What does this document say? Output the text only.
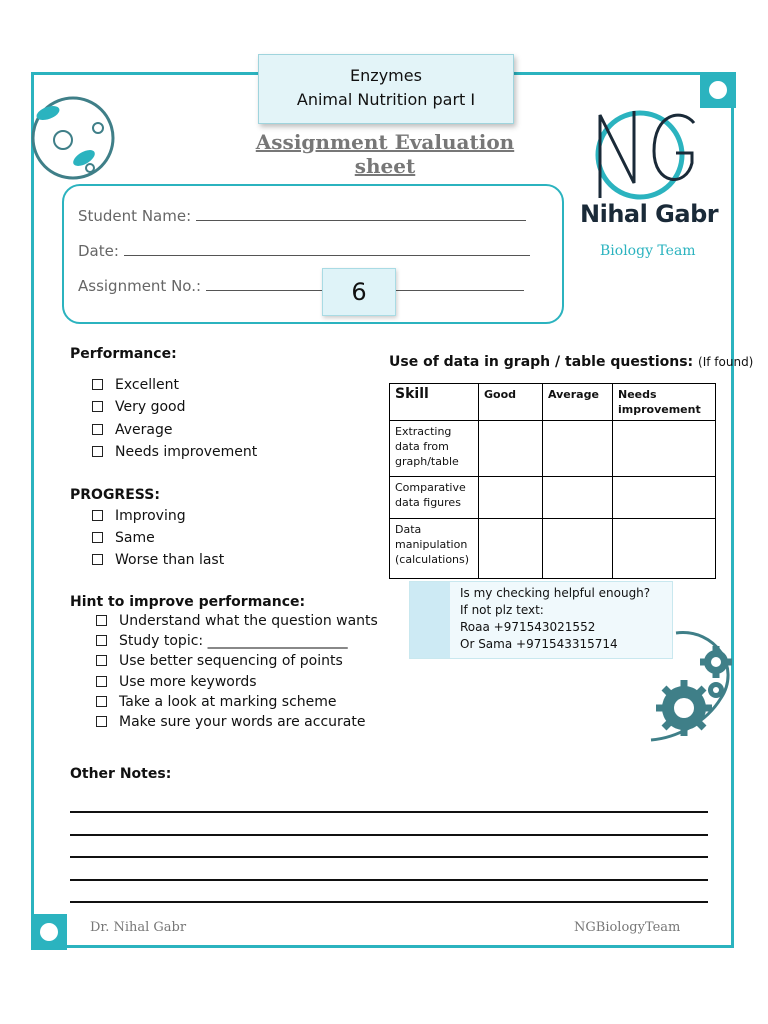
Enzymes
Animal Nutrition part I
Assignment Evaluation sheet
Nihal Gabr
Biology Team
Student Name:
Date:
Assignment No.:	6
Performance:
Excellent
Very good
Average
Needs improvement
PROGRESS:
Improving
Same
Worse than last
Hint to improve performance:
Understand what the question wants
Study topic: ____________________
Use better sequencing of points
Use more keywords
Take a look at marking scheme
Make sure your words are accurate
Use of data in graph / table questions: (If found)
Skill	Good	Average	Needs improvement
Extracting data from graph/table			
Comparative data figures			
Data manipulation (calculations)			
Is my checking helpful enough?
If not plz text:
Roaa +971543021552
Or Sama +971543315714
Other Notes:
Dr. Nihal Gabr	NGBiologyTeam
